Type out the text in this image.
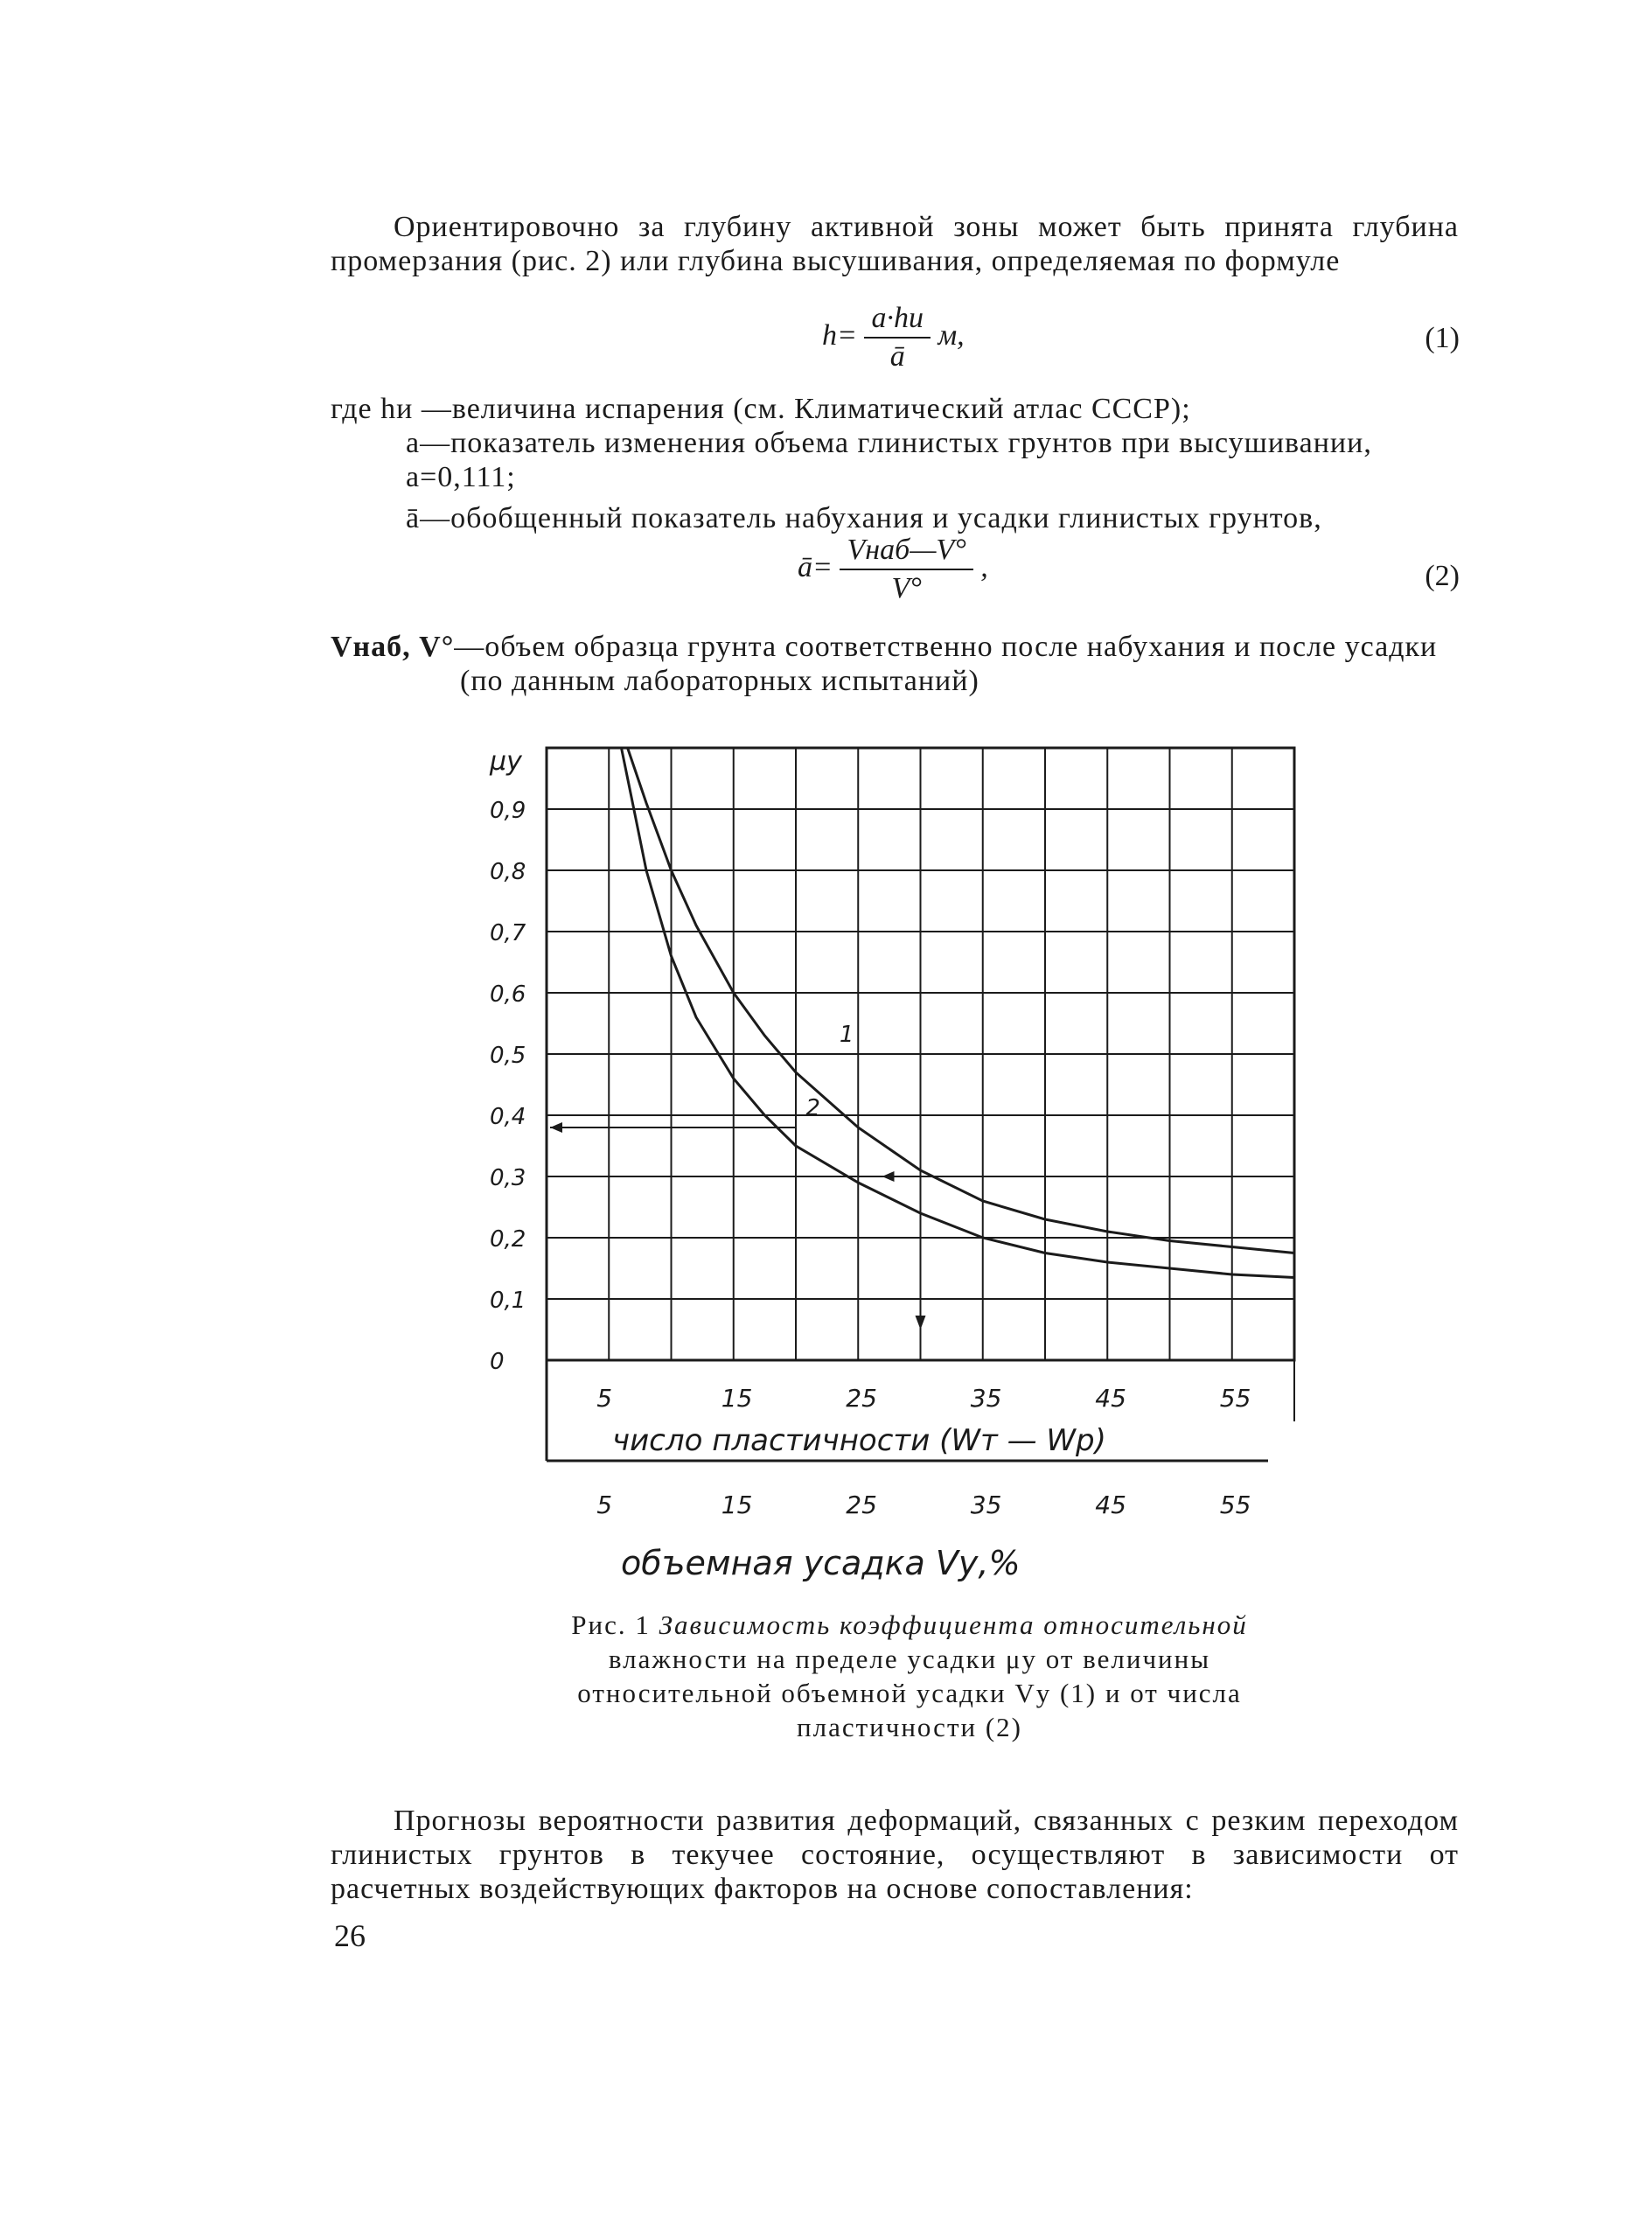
Ориентировочно за глубину активной зоны может быть принята глубина промерзания (рис. 2) или глубина высушивания, определяемая по формуле

$h= \frac{a\cdot hи}{ā} м$,	(1)
где hи —величина испарения (см. Климатический атлас СССР);
a—показатель изменения объема глинистых грунтов при высушивании, a=0,111;
ā—обобщенный показатель набухания и усадки глинистых грунтов,
ā= $\frac{\text{Vнаб—V°}}{V^\circ}$ ,	(2)
Vнаб, V°—объем образца грунта соответственно после набухания и после усадки (по данным лабораторных испытаний)
1
2
0
0,1
0,2
0,3
0,4
0,5
0,6
0,7
0,8
0,9
5
5
15
15
25
25
35
35
45
45
55
55
μу
число пластичности (Wт — Wр)
объемная усадка Vу,%
Рис. 1 Зависимость коэффициента относительной влажности на пределе усадки μу от величины относительной объемной усадки Vу (1) и от числа пластичности (2)

Прогнозы вероятности развития деформаций, связанных с резким переходом глинистых грунтов в текучее состояние, осуществляют в зависимости от расчетных воздействующих факторов на основе сопоставления:

26
